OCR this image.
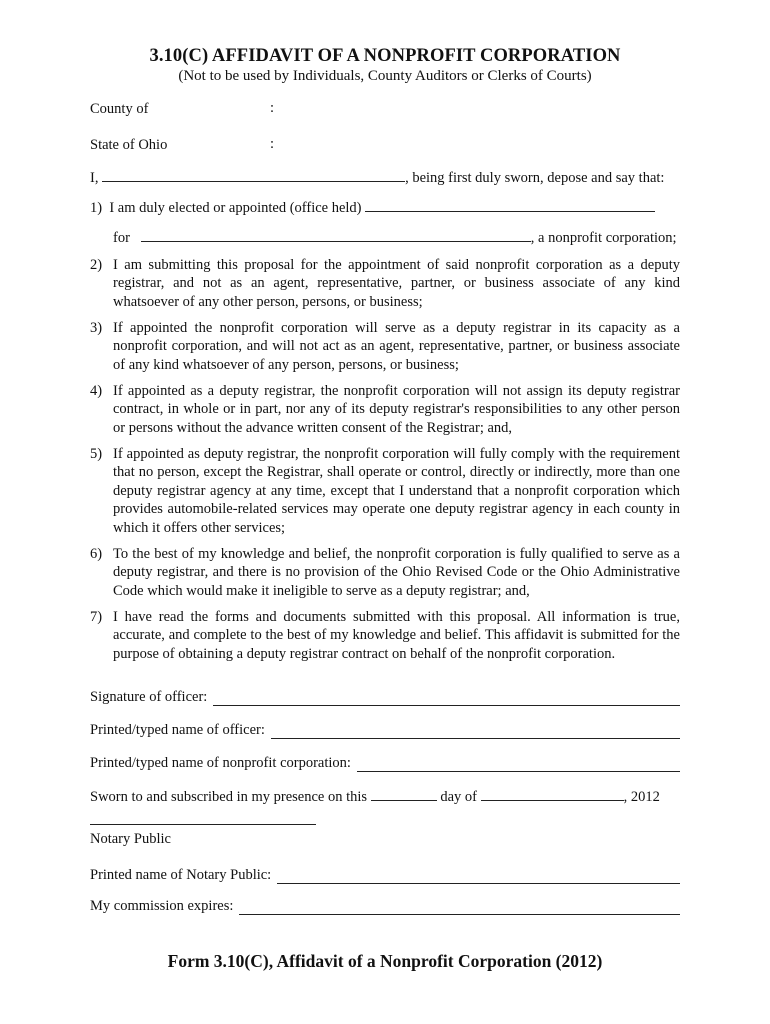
3.10(C) AFFIDAVIT OF A NONPROFIT CORPORATION
(Not to be used by Individuals, County Auditors or Clerks of Courts)
County of	:
State of Ohio	:
I,	, being first duly sworn, depose and say that:
1) I am duly elected or appointed (office held)
for	, a nonprofit corporation;
2) I am submitting this proposal for the appointment of said nonprofit corporation as a deputy registrar, and not as an agent, representative, partner, or business associate of any kind whatsoever of any other person, persons, or business;
3) If appointed the nonprofit corporation will serve as a deputy registrar in its capacity as a nonprofit corporation, and will not act as an agent, representative, partner, or business associate of any kind whatsoever of any person, persons, or business;
4) If appointed as a deputy registrar, the nonprofit corporation will not assign its deputy registrar contract, in whole or in part, nor any of its deputy registrar's responsibilities to any other person or persons without the advance written consent of the Registrar; and,
5) If appointed as deputy registrar, the nonprofit corporation will fully comply with the requirement that no person, except the Registrar, shall operate or control, directly or indirectly, more than one deputy registrar agency at any time, except that I understand that a nonprofit corporation which provides automobile-related services may operate one deputy registrar agency in each county in which it offers other services;
6) To the best of my knowledge and belief, the nonprofit corporation is fully qualified to serve as a deputy registrar, and there is no provision of the Ohio Revised Code or the Ohio Administrative Code which would make it ineligible to serve as a deputy registrar; and,
7) I have read the forms and documents submitted with this proposal. All information is true, accurate, and complete to the best of my knowledge and belief. This affidavit is submitted for the purpose of obtaining a deputy registrar contract on behalf of the nonprofit corporation.
Signature of officer:
Printed/typed name of officer:
Printed/typed name of nonprofit corporation:
Sworn to and subscribed in my presence on this	day of	, 2012
Notary Public
Printed name of Notary Public:
My commission expires:
Form 3.10(C), Affidavit of a Nonprofit Corporation (2012)
